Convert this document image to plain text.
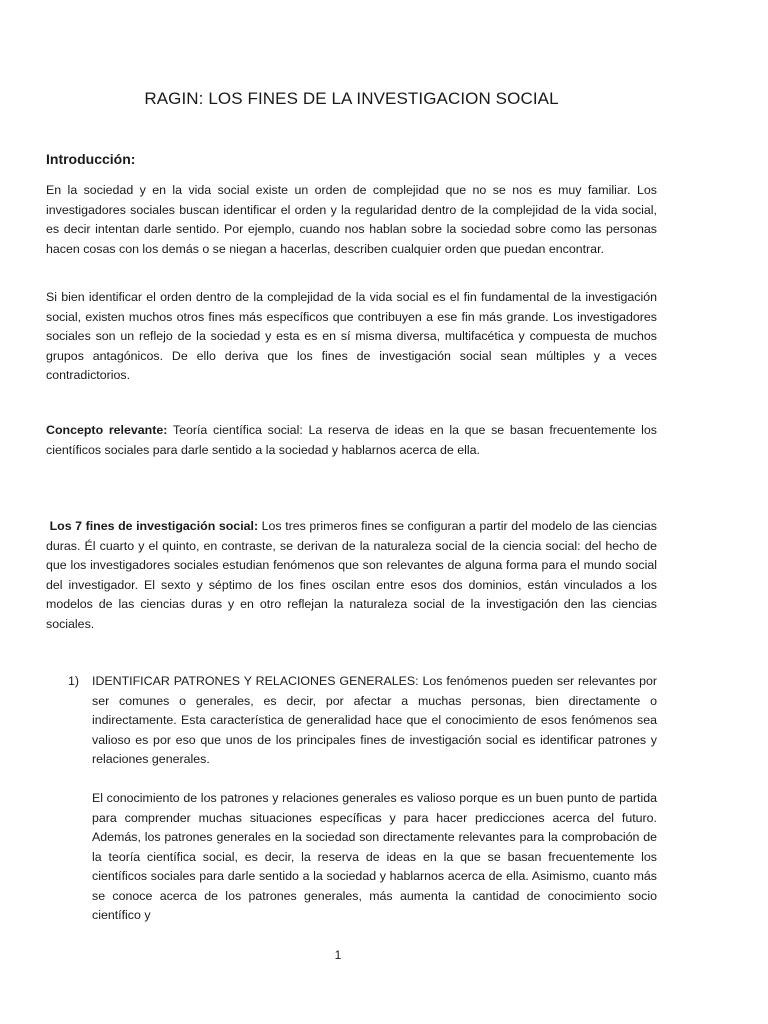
RAGIN: LOS FINES DE LA INVESTIGACION SOCIAL
Introducción:

En la sociedad y en la vida social existe un orden de complejidad que no se nos es muy familiar. Los investigadores sociales buscan identificar el orden y la regularidad dentro de la complejidad de la vida social, es decir intentan darle sentido. Por ejemplo, cuando nos hablan sobre la sociedad sobre como las personas hacen cosas con los demás o se niegan a hacerlas, describen cualquier orden que puedan encontrar.

Si bien identificar el orden dentro de la complejidad de la vida social es el fin fundamental de la investigación social, existen muchos otros fines más específicos que contribuyen a ese fin más grande. Los investigadores sociales son un reflejo de la sociedad y esta es en sí misma diversa, multifacética y compuesta de muchos grupos antagónicos. De ello deriva que los fines de investigación social sean múltiples y a veces contradictorios.

Concepto relevante: Teoría científica social: La reserva de ideas en la que se basan frecuentemente los científicos sociales para darle sentido a la sociedad y hablarnos acerca de ella.

Los 7 fines de investigación social: Los tres primeros fines se configuran a partir del modelo de las ciencias duras. Él cuarto y el quinto, en contraste, se derivan de la naturaleza social de la ciencia social: del hecho de que los investigadores sociales estudian fenómenos que son relevantes de alguna forma para el mundo social del investigador. El sexto y séptimo de los fines oscilan entre esos dos dominios, están vinculados a los modelos de las ciencias duras y en otro reflejan la naturaleza social de la investigación den las ciencias sociales.

1) IDENTIFICAR PATRONES Y RELACIONES GENERALES: Los fenómenos pueden ser relevantes por ser comunes o generales, es decir, por afectar a muchas personas, bien directamente o indirectamente. Esta característica de generalidad hace que el conocimiento de esos fenómenos sea valioso es por eso que unos de los principales fines de investigación social es identificar patrones y relaciones generales.
El conocimiento de los patrones y relaciones generales es valioso porque es un buen punto de partida para comprender muchas situaciones específicas y para hacer predicciones acerca del futuro. Además, los patrones generales en la sociedad son directamente relevantes para la comprobación de la teoría científica social, es decir, la reserva de ideas en la que se basan frecuentemente los científicos sociales para darle sentido a la sociedad y hablarnos acerca de ella. Asimismo, cuanto más se conoce acerca de los patrones generales, más aumenta la cantidad de conocimiento socio científico y
1
